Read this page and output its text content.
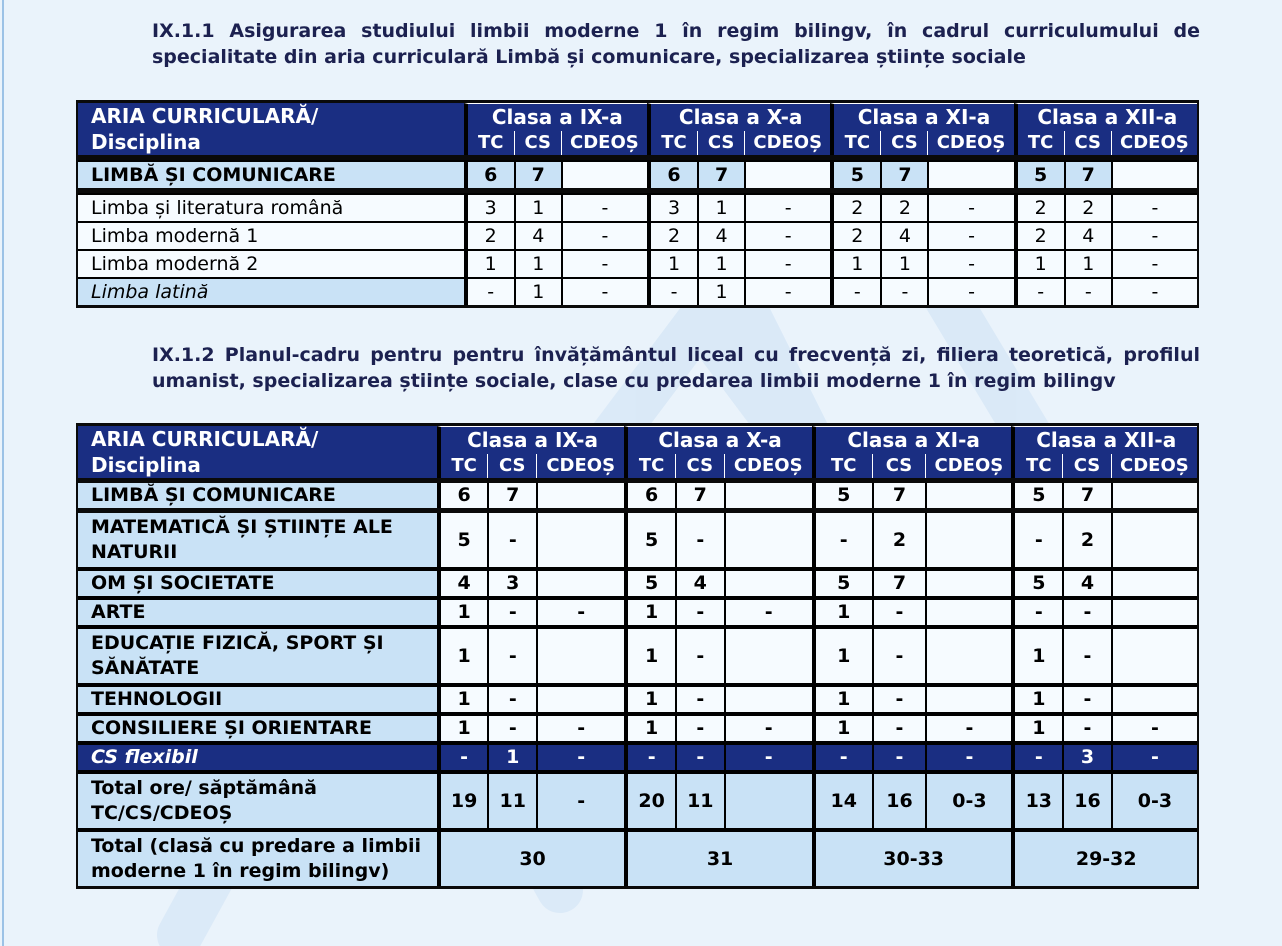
IX.1.1 Asigurarea studiului limbii moderne 1 în regim bilingv, în cadrul curriculumului de specialitate din aria curriculară Limbă și comunicare, specializarea științe sociale

ARIA CURRICULARĂ/
Disciplina	Clasa a IX-a			Clasa a X-a			Clasa a XI-a			Clasa a XII-a		
	TC	CS	CDEOȘ	TC	CS	CDEOȘ	TC	CS	CDEOȘ	TC	CS	CDEOȘ

LIMBĂ ȘI COMUNICARE	6	7		6	7		5	7		5	7	

Limba și literatura română	3	1	-	3	1	-	2	2	-	2	2	-
Limba modernă 1	2	4	-	2	4	-	2	4	-	2	4	-
Limba modernă 2	1	1	-	1	1	-	1	1	-	1	1	-
Limba latină	-	1	-	-	1	-	-	-	-	-	-	-

IX.1.2 Planul-cadru pentru pentru învățământul liceal cu frecvență zi, filiera teoretică, profilul umanist, specializarea științe sociale, clase cu predarea limbii moderne 1 în regim bilingv

ARIA CURRICULARĂ/
Disciplina	Clasa a IX-a			Clasa a X-a			Clasa a XI-a			Clasa a XII-a		
	TC	CS	CDEOȘ	TC	CS	CDEOȘ	TC	CS	CDEOȘ	TC	CS	CDEOȘ

LIMBĂ ȘI COMUNICARE	6	7		6	7		5	7		5	7	

MATEMATICĂ ȘI ȘTIINȚE ALE
NATURII	5	-		5	-		-	2		-	2	
OM ȘI SOCIETATE	4	3		5	4		5	7		5	4	
ARTE	1	-	-	1	-	-	1	-		-	-	
EDUCAȚIE FIZICĂ, SPORT ȘI
SĂNĂTATE	1	-		1	-		1	-		1	-	
TEHNOLOGII	1	-		1	-		1	-		1	-	
CONSILIERE ȘI ORIENTARE	1	-	-	1	-	-	1	-	-	1	-	-
CS flexibil	-	1	-	-	-	-	-	-	-	-	3	-
Total ore/ săptămână
TC/CS/CDEOȘ	19	11	-	20	11		14	16	0-3	13	16	0-3
Total (clasă cu predare a limbii
moderne 1 în regim bilingv)	30			31			30-33			29-32		
